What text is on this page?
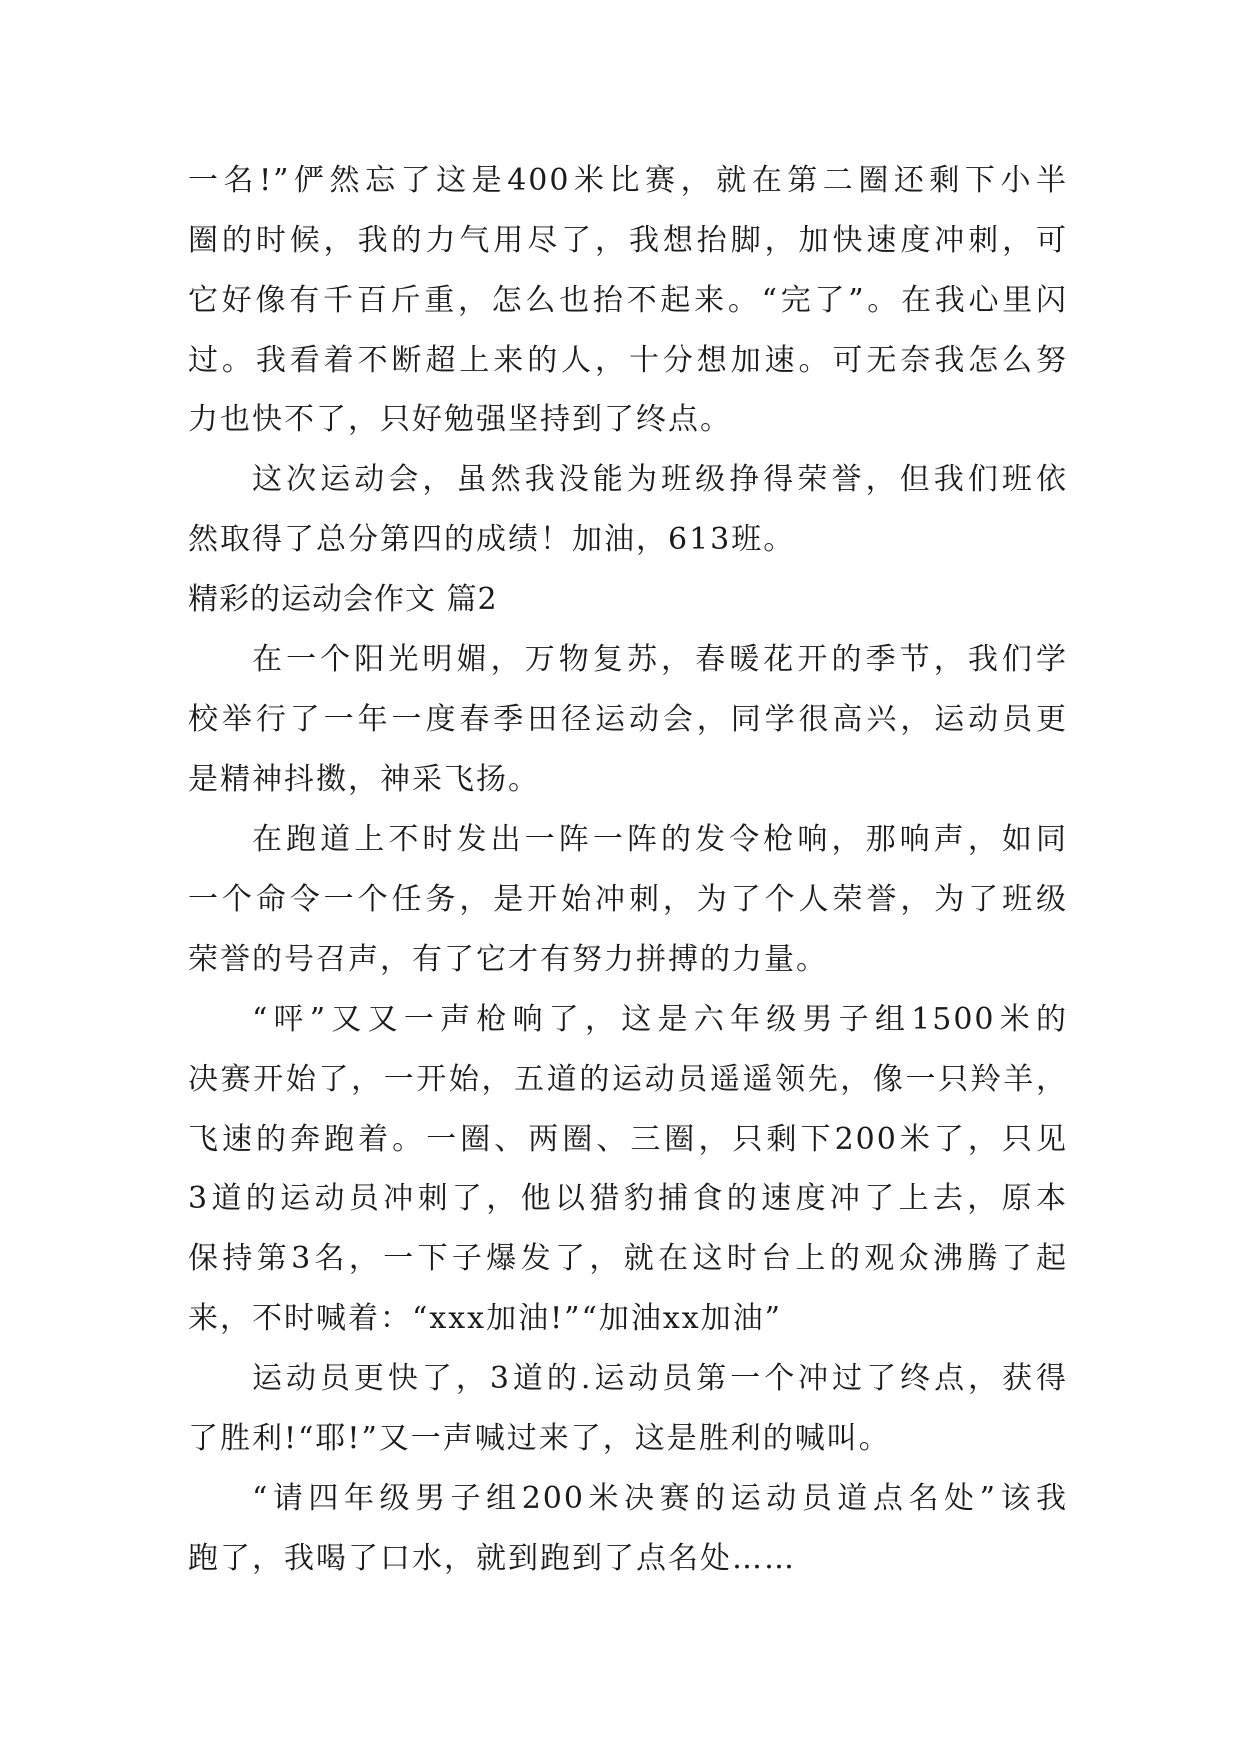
一名!”俨然忘了这是400米比赛，就在第二圈还剩下小半
圈的时候，我的力气用尽了，我想抬脚，加快速度冲刺，可
它好像有千百斤重，怎么也抬不起来。“完了”。在我心里闪
过。我看着不断超上来的人，十分想加速。可无奈我怎么努
力也快不了，只好勉强坚持到了终点。
这次运动会，虽然我没能为班级挣得荣誉，但我们班依
然取得了总分第四的成绩！加油，613班。
精彩的运动会作文 篇2
在一个阳光明媚，万物复苏，春暖花开的季节，我们学
校举行了一年一度春季田径运动会，同学很高兴，运动员更
是精神抖擞，神采飞扬。
在跑道上不时发出一阵一阵的发令枪响，那响声，如同
一个命令一个任务，是开始冲刺，为了个人荣誉，为了班级
荣誉的号召声，有了它才有努力拼搏的力量。
“呯”又又一声枪响了，这是六年级男子组1500米的
决赛开始了，一开始，五道的运动员遥遥领先，像一只羚羊，
飞速的奔跑着。一圈、两圈、三圈，只剩下200米了，只见
3道的运动员冲刺了，他以猎豹捕食的速度冲了上去，原本
保持第3名，一下子爆发了，就在这时台上的观众沸腾了起
来，不时喊着：“xxx加油!”“加油xx加油”
运动员更快了，3道的.运动员第一个冲过了终点，获得
了胜利!“耶!”又一声喊过来了，这是胜利的喊叫。
“请四年级男子组200米决赛的运动员道点名处”该我
跑了，我喝了口水，就到跑到了点名处……
